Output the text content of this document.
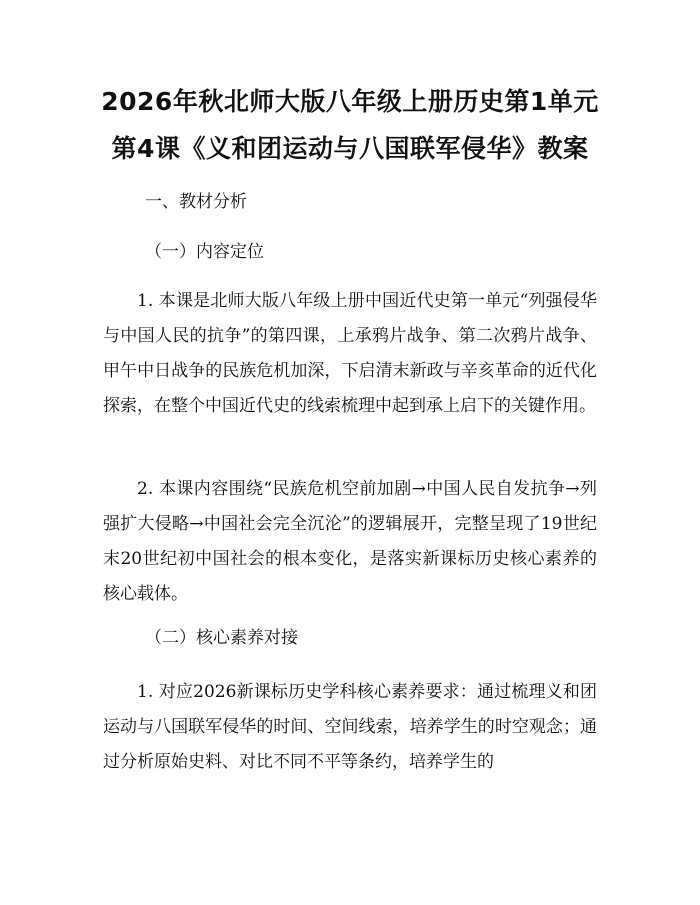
2026年秋北师大版八年级上册历史第1单元
第4课《义和团运动与八国联军侵华》教案
一、教材分析
（一）内容定位
1. 本课是北师大版八年级上册中国近代史第一单元“列强侵华与中国人民的抗争”的第四课，上承鸦片战争、第二次鸦片战争、甲午中日战争的民族危机加深，下启清末新政与辛亥革命的近代化探索，在整个中国近代史的线索梳理中起到承上启下的关键作用。
2. 本课内容围绕“民族危机空前加剧→中国人民自发抗争→列强扩大侵略→中国社会完全沉沦”的逻辑展开，完整呈现了19世纪末20世纪初中国社会的根本变化，是落实新课标历史核心素养的核心载体。
（二）核心素养对接
1. 对应2026新课标历史学科核心素养要求：通过梳理义和团运动与八国联军侵华的时间、空间线索，培养学生的时空观念；通过分析原始史料、对比不同不平等条约，培养学生的
